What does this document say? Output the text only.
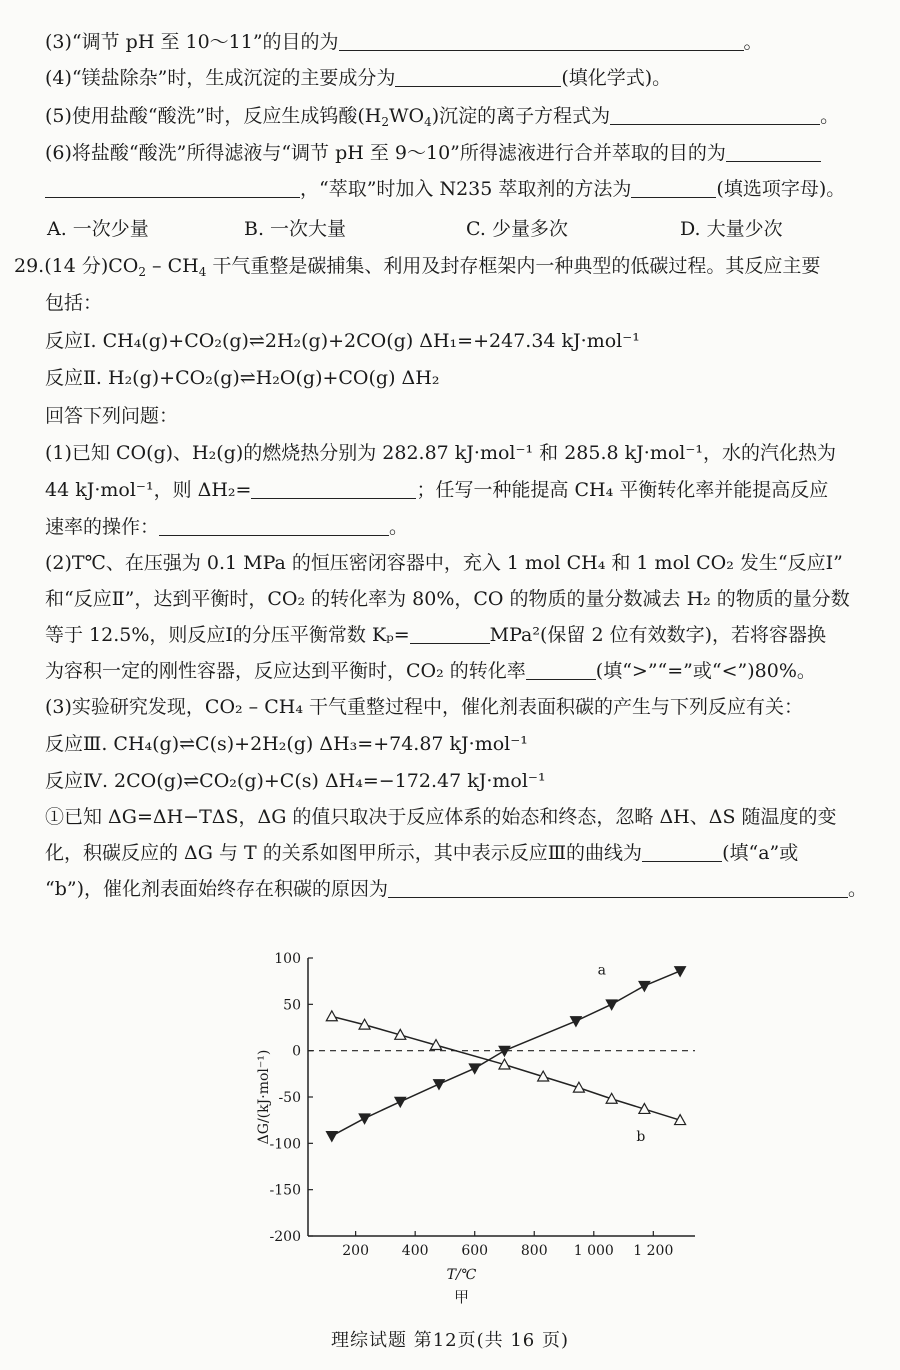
(3)“调节 pH 至 10～11”的目的为	。
(4)“镁盐除杂”时，生成沉淀的主要成分为	(填化学式)。
(5)使用盐酸“酸洗”时，反应生成钨酸$(H_2WO_4)$沉淀的离子方程式为	。
(6)将盐酸“酸洗”所得滤液与“调节 pH 至 9～10”所得滤液进行合并萃取的目的为
，“萃取”时加入 N235 萃取剂的方法为	(填选项字母)。
A. 一次少量	B. 一次大量	C. 少量多次	D. 大量少次
29.(14 分)$CO_2 - CH_4$ 干气重整是碳捕集、利用及封存框架内一种典型的低碳过程。其反应主要
包括：
反应Ⅰ. CH₄(g)+CO₂(g)⇌2H₂(g)+2CO(g) ΔH₁=+247.34 kJ·mol⁻¹
反应Ⅱ. H₂(g)+CO₂(g)⇌H₂O(g)+CO(g) ΔH₂
回答下列问题：
(1)已知 CO(g)、H₂(g)的燃烧热分别为 282.87 kJ·mol⁻¹ 和 285.8 kJ·mol⁻¹，水的汽化热为
44 kJ·mol⁻¹，则 ΔH₂=	；任写一种能提高 CH₄ 平衡转化率并能提高反应
速率的操作：	。
(2)T℃、在压强为 0.1 MPa 的恒压密闭容器中，充入 1 mol CH₄ 和 1 mol CO₂ 发生“反应Ⅰ”
和“反应Ⅱ”，达到平衡时，CO₂ 的转化率为 80%，CO 的物质的量分数减去 H₂ 的物质的量分数
等于 12.5%，则反应Ⅰ的分压平衡常数 Kₚ=	MPa²(保留 2 位有效数字)，若将容器换
为容积一定的刚性容器，反应达到平衡时，CO₂ 的转化率	(填“>”“=”或“<”)80%。
(3)实验研究发现，CO₂ – CH₄ 干气重整过程中，催化剂表面积碳的产生与下列反应有关：
反应Ⅲ. CH₄(g)⇌C(s)+2H₂(g) ΔH₃=+74.87 kJ·mol⁻¹
反应Ⅳ. 2CO(g)⇌CO₂(g)+C(s) ΔH₄=−172.47 kJ·mol⁻¹
①已知 ΔG=ΔH−TΔS，ΔG 的值只取决于反应体系的始态和终态，忽略 ΔH、ΔS 随温度的变
化，积碳反应的 ΔG 与 T 的关系如图甲所示，其中表示反应Ⅲ的曲线为	(填“a”或
“b”)，催化剂表面始终存在积碳的原因为	。
100
50
0
-50
-100
-150
-200
200 400 600 800 1 000 1 200
T/℃
ΔG/(kJ·mol⁻¹)
甲
a
b
理综试题 第12页(共 16 页)
